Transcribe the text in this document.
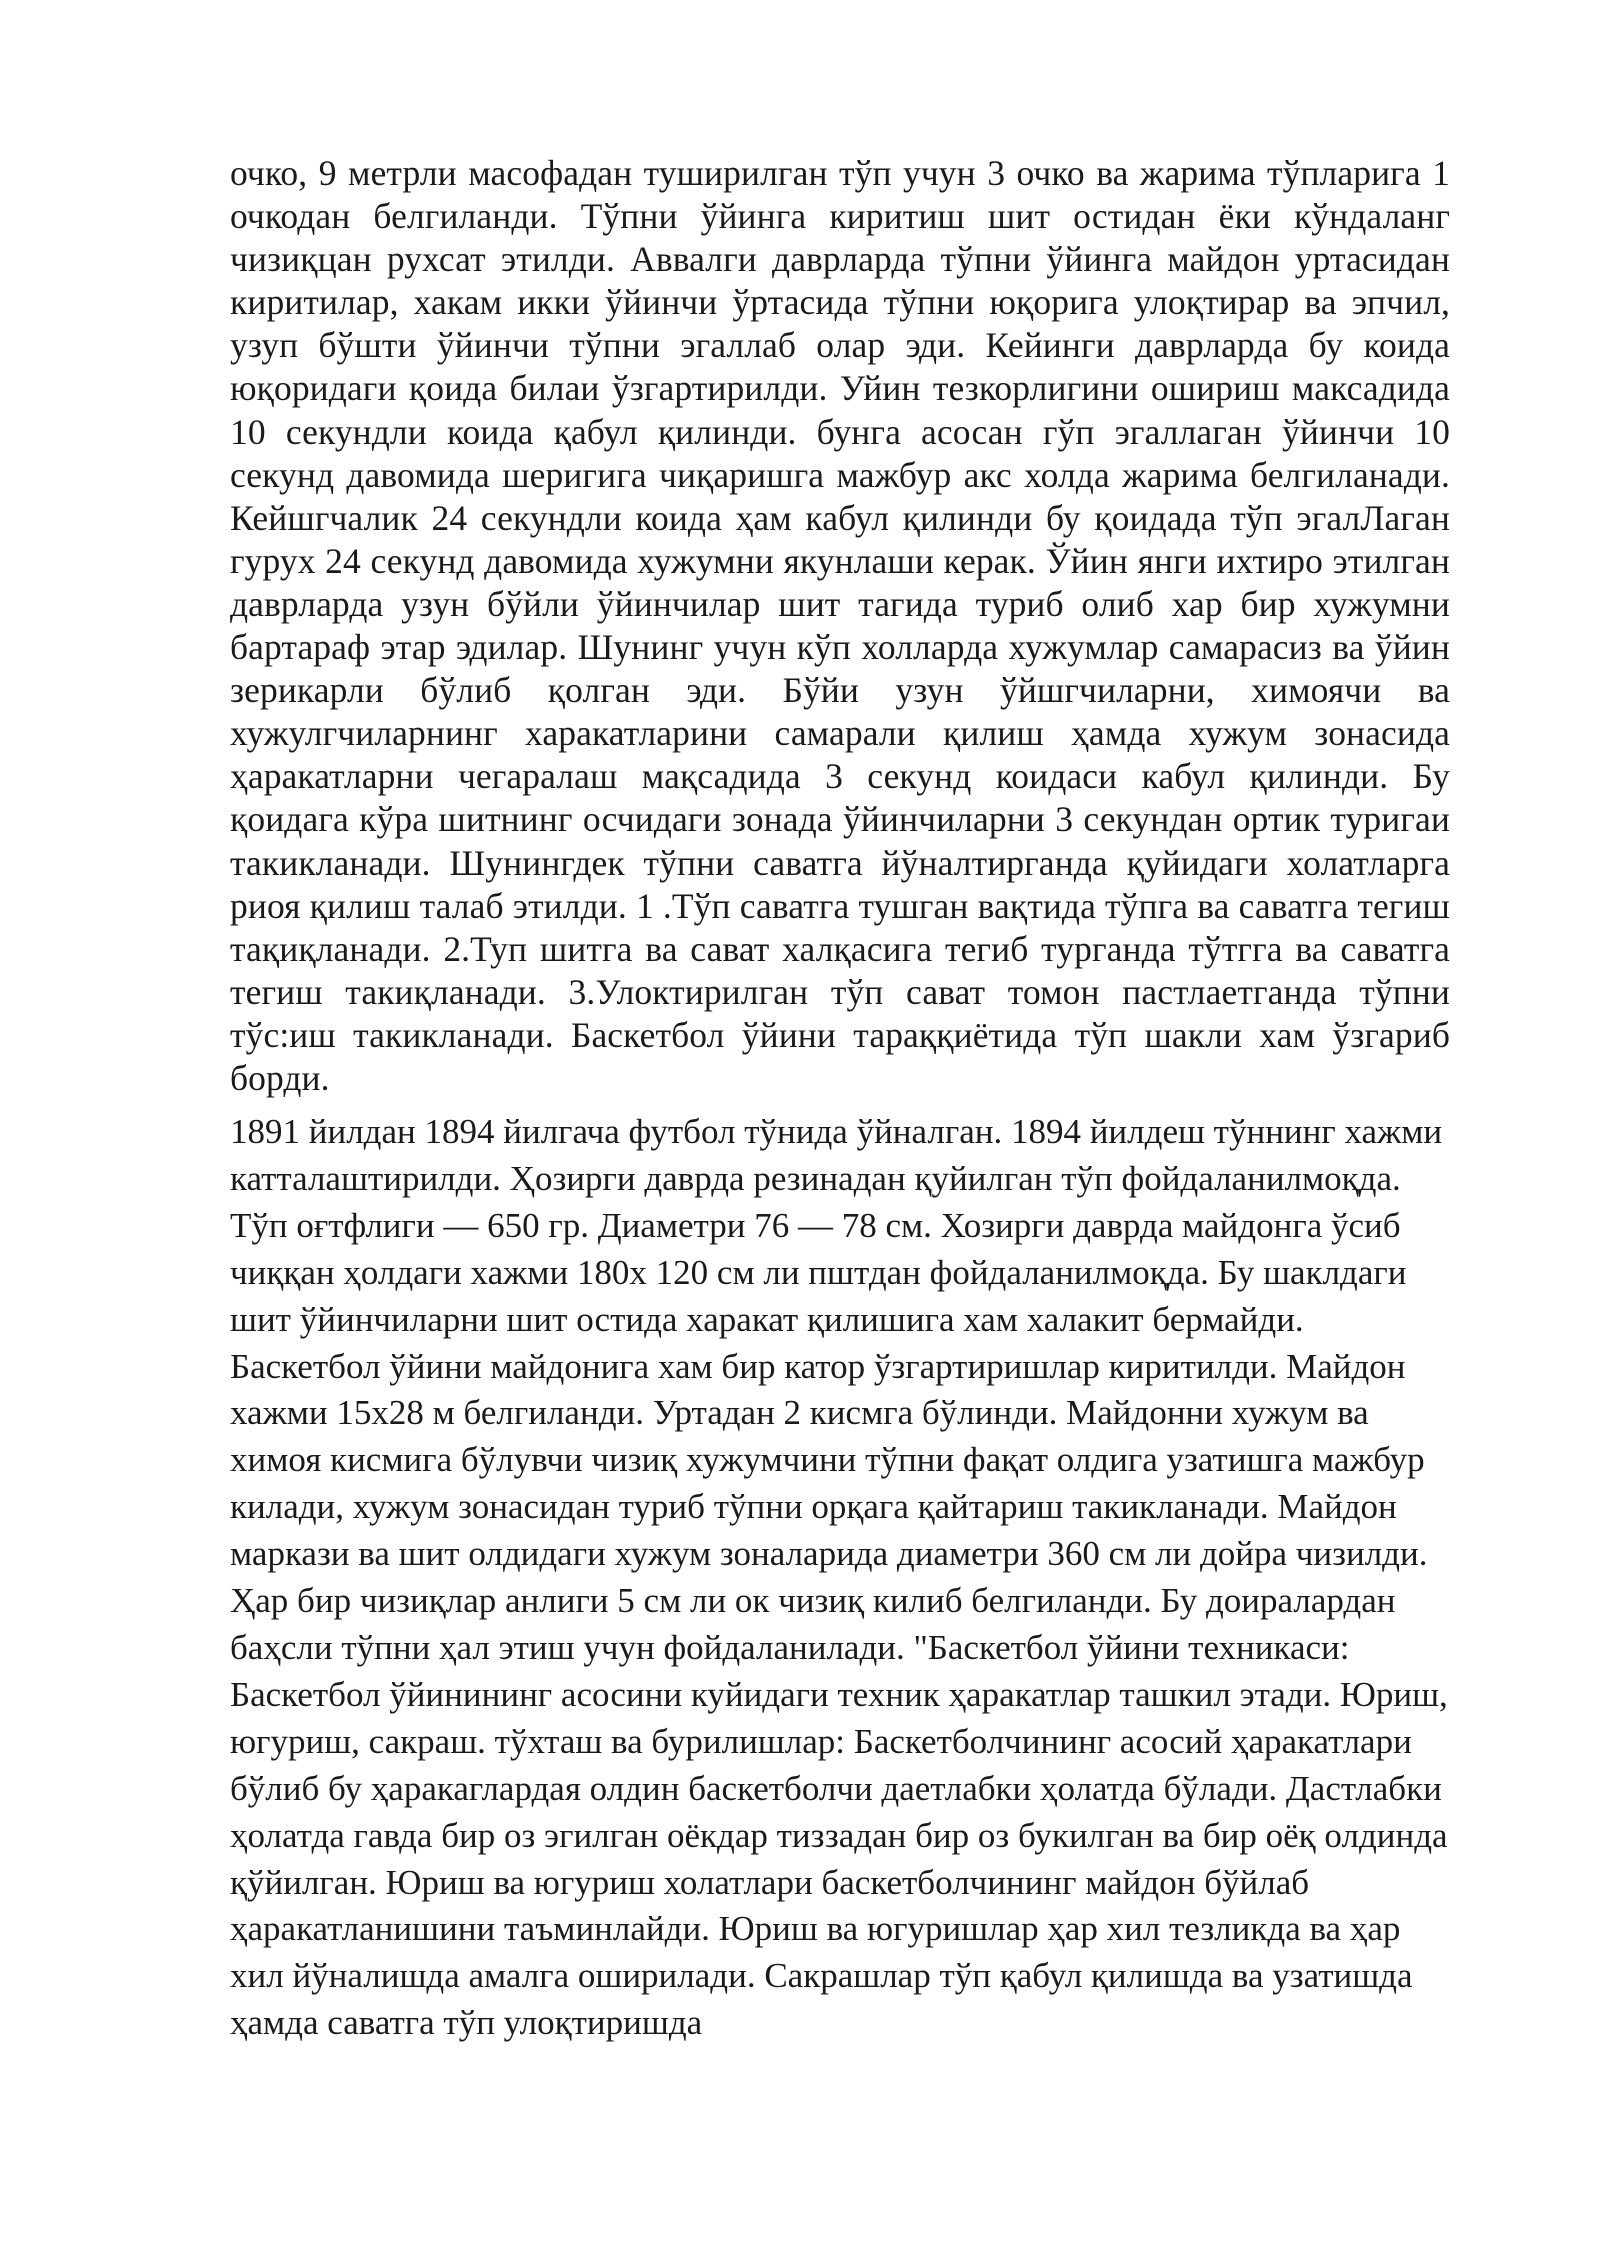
очко, 9 метрли масофадан туширилган тўп учун 3 очко ва жарима тўпларига 1 очкодан белгиланди. Тўпни ўйинга киритиш шит остидан ёки кўндаланг чизиқцан рухсат этилди. Аввалги даврларда тўпни ўйинга майдон уртасидан киритилар, хакам икки ўйинчи ўртасида тўпни юқорига улоқтирар ва эпчил, узуп бўшти ўйинчи тўпни эгаллаб олар эди. Кейинги даврларда бу коида юқоридаги қоида билаи ўзгартирилди. Уйин тезкорлигини ошириш максадида 10 секундли коида қабул қилинди. бунга асосан гўп эгаллаган ўйинчи 10 секунд давомида шеригига чиқаришга мажбур акс холда жарима белгиланади. Кейшгчалик 24 секундли коида ҳам кабул қилинди бу қоидада тўп эгалЛаган гурух 24 секунд давомида хужумни якунлаши керак. Ўйин янги ихтиро этилган даврларда узун бўйли ўйинчилар шит тагида туриб олиб хар бир хужумни бартараф этар эдилар. Шунинг учун кўп холларда хужумлар самарасиз ва ўйин зерикарли бўлиб қолган эди. Бўйи узун ўйшгчиларни, химоячи ва хужулгчиларнинг харакатларини самарали қилиш ҳамда хужум зонасида ҳаракатларни чегаралаш мақсадида 3 секунд коидаси кабул қилинди. Бу қоидага кўра шитнинг осчидаги зонада ўйинчиларни 3 секундан ортик туригаи такикланади. Шунингдек тўпни саватга йўналтирганда қуйидаги холатларга риоя қилиш талаб этилди. 1 .Тўп саватга тушган вақтида тўпга ва саватга тегиш тақиқланади. 2.Туп шитга ва сават халқасига тегиб турганда тўтгга ва саватга тегиш такиқланади. 3.Улоктирилган тўп сават томон пастлаетганда тўпни тўс:иш такикланади. Баскетбол ўйини тараққиётида тўп шакли хам ўзгариб борди.

1891 йилдан 1894 йилгача футбол тўнида ўйналган. 1894 йилдеш тўннинг хажми катталаштирилди. Ҳозирги даврда резинадан қуйилган тўп фойдаланилмоқда. Тўп оғтфлиги — 650 гр. Диаметри 76 — 78 см. Хозирги даврда майдонга ўсиб чиққан ҳолдаги хажми 180х 120 см ли пштдан фойдаланилмоқда. Бу шаклдаги шит ўйинчиларни шит остида харакат қилишига хам халакит бермайди. Баскетбол ўйини майдонига хам бир катор ўзгартиришлар киритилди. Майдон хажми 15х28 м белгиланди. Уртадан 2 кисмга бўлинди. Майдонни хужум ва химоя кисмига бўлувчи чизиқ хужумчини тўпни фақат олдига узатишга мажбур килади, хужум зонасидан туриб тўпни орқага қайтариш такикланади. Майдон маркази ва шит олдидаги хужум зоналарида диаметри 360 см ли дойра чизилди. Ҳар бир чизиқлар анлиги 5 см ли ок чизиқ килиб белгиланди. Бу доиралардан баҳсли тўпни ҳал этиш учун фойдаланилади. "Баскетбол ўйини техникаси: Баскетбол ўйинининг асосини куйидаги техник ҳаракатлар ташкил этади. Юриш, югуриш, сакраш. тўхташ ва бурилишлар: Баскетболчининг асосий ҳаракатлари бўлиб бу ҳаракаглардая олдин баскетболчи даетлабки ҳолатда бўлади. Дастлабки ҳолатда гавда бир оз эгилган оёкдар тиззадан бир оз букилган ва бир оёқ олдинда қўйилган. Юриш ва югуриш холатлари баскетболчининг майдон бўйлаб ҳаракатланишини таъминлайди. Юриш ва югуришлар ҳар хил тезликда ва ҳар хил йўналишда амалга оширилади. Сакрашлар тўп қабул қилишда ва узатишда ҳамда саватга тўп улоқтиришда
